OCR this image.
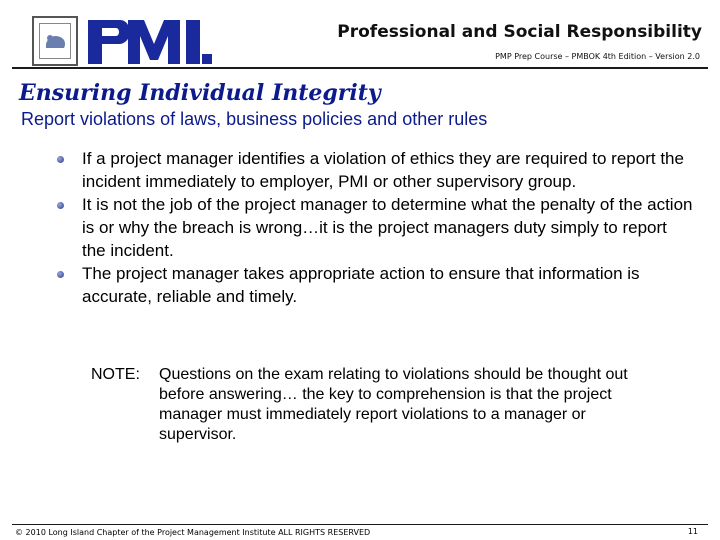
Professional and Social Responsibility
PMP Prep Course – PMBOK 4th Edition – Version 2.0
Ensuring Individual Integrity
Report violations of laws, business policies and other rules
If a project manager identifies a violation of ethics they are required to report the incident immediately to employer, PMI or other supervisory group.
It is not the job of the project manager to determine what the penalty of the action is or why the breach is wrong…it is the project managers duty simply to report the incident.
The project manager takes appropriate action to ensure that information is accurate, reliable and timely.
NOTE: Questions on the exam relating to violations should be thought out before answering… the key to comprehension is that the project manager must immediately report violations to a manager or supervisor.
© 2010 Long Island Chapter of the Project Management Institute ALL RIGHTS RESERVED	11
